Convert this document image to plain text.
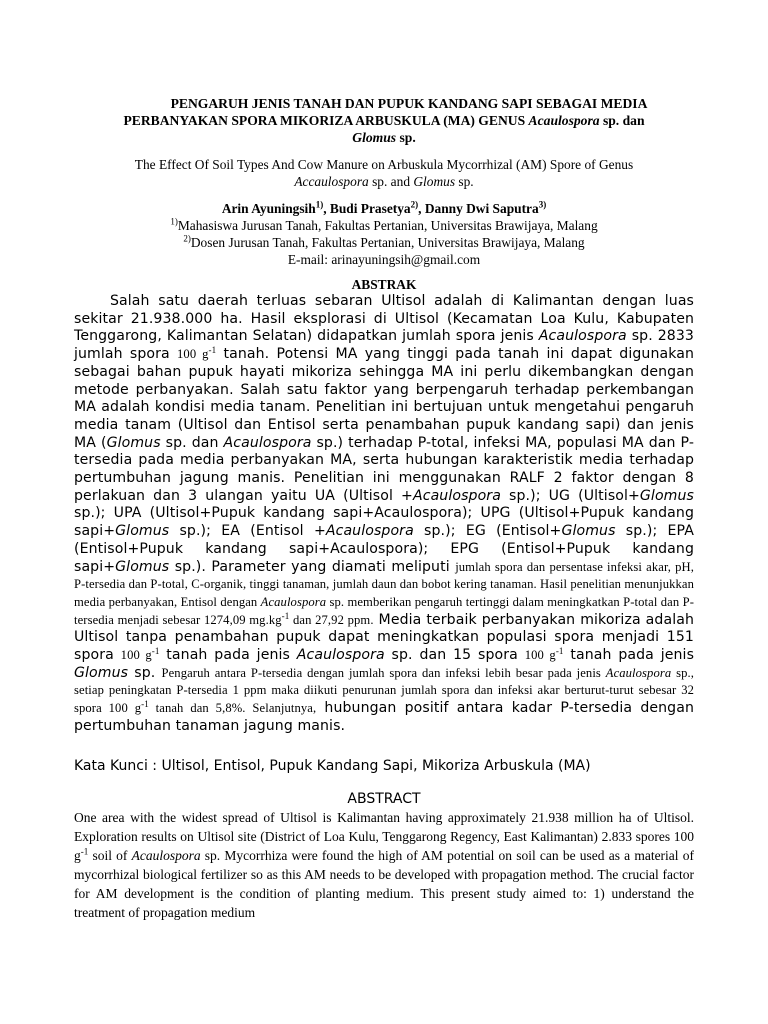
PENGARUH JENIS TANAH DAN PUPUK KANDANG SAPI SEBAGAI MEDIA
PERBANYAKAN SPORA MIKORIZA ARBUSKULA (MA) GENUS Acaulospora sp. dan
Glomus sp.

The Effect Of Soil Types And Cow Manure on Arbuskula Mycorrhizal (AM) Spore of Genus
Accaulospora sp. and Glomus sp.

Arin Ayuningsih$^{1)}$, Budi Prasetya$^{2)}$, Danny Dwi Saputra$^{3)}$

$^{1)}$Mahasiswa Jurusan Tanah, Fakultas Pertanian, Universitas Brawijaya, Malang

$^{2)}$Dosen Jurusan Tanah, Fakultas Pertanian, Universitas Brawijaya, Malang

E-mail: arinayuningsih@gmail.com

ABSTRAK

Salah satu daerah terluas sebaran Ultisol adalah di Kalimantan dengan luas sekitar 21.938.000 ha. Hasil eksplorasi di Ultisol (Kecamatan Loa Kulu, Kabupaten Tenggarong, Kalimantan Selatan) didapatkan jumlah spora jenis Acaulospora sp. 2833 jumlah spora 100 $g^{-1}$ tanah. Potensi MA yang tinggi pada tanah ini dapat digunakan sebagai bahan pupuk hayati mikoriza sehingga MA ini perlu dikembangkan dengan metode perbanyakan. Salah satu faktor yang berpengaruh terhadap perkembangan MA adalah kondisi media tanam. Penelitian ini bertujuan untuk mengetahui pengaruh media tanam (Ultisol dan Entisol serta penambahan pupuk kandang sapi) dan jenis MA (Glomus sp. dan Acaulospora sp.) terhadap P-total, infeksi MA, populasi MA dan P-tersedia pada media perbanyakan MA, serta hubungan karakteristik media terhadap pertumbuhan jagung manis. Penelitian ini menggunakan RALF 2 faktor dengan 8 perlakuan dan 3 ulangan yaitu UA (Ultisol +Acaulospora sp.); UG (Ultisol+Glomus sp.); UPA (Ultisol+Pupuk kandang sapi+Acaulospora); UPG (Ultisol+Pupuk kandang sapi+Glomus sp.); EA (Entisol +Acaulospora sp.); EG (Entisol+Glomus sp.); EPA (Entisol+Pupuk kandang sapi+Acaulospora); EPG (Entisol+Pupuk kandang sapi+Glomus sp.). Parameter yang diamati meliputi jumlah spora dan persentase infeksi akar, pH, P-tersedia dan P-total, C-organik, tinggi tanaman, jumlah daun dan bobot kering tanaman. Hasil penelitian menunjukkan media perbanyakan, Entisol dengan Acaulospora sp. memberikan pengaruh tertinggi dalam meningkatkan P-total dan P-tersedia menjadi sebesar 1274,09 $mg.kg^{-1}$ dan 27,92 ppm. Media terbaik perbanyakan mikoriza adalah Ultisol tanpa penambahan pupuk dapat meningkatkan populasi spora menjadi 151 spora 100 $g^{-1}$ tanah pada jenis Acaulospora sp. dan 15 spora 100 $g^{-1}$ tanah pada jenis Glomus sp. Pengaruh antara P-tersedia dengan jumlah spora dan infeksi lebih besar pada jenis Acaulospora sp., setiap peningkatan P-tersedia 1 ppm maka diikuti penurunan jumlah spora dan infeksi akar berturut-turut sebesar 32 spora 100 $g^{-1}$ tanah dan 5,8%. Selanjutnya, hubungan positif antara kadar P-tersedia dengan pertumbuhan tanaman jagung manis.

Kata Kunci : Ultisol, Entisol, Pupuk Kandang Sapi, Mikoriza Arbuskula (MA)

ABSTRACT

One area with the widest spread of Ultisol is Kalimantan having approximately 21.938 million ha of Ultisol. Exploration results on Ultisol site (District of Loa Kulu, Tenggarong Regency, East Kalimantan) 2.833 spores 100 $g^{-1}$ soil of Acaulospora sp. Mycorrhiza were found the high of AM potential on soil can be used as a material of mycorrhizal biological fertilizer so as this AM needs to be developed with propagation method. The crucial factor for AM development is the condition of planting medium. This present study aimed to: 1) understand the treatment of propagation medium
